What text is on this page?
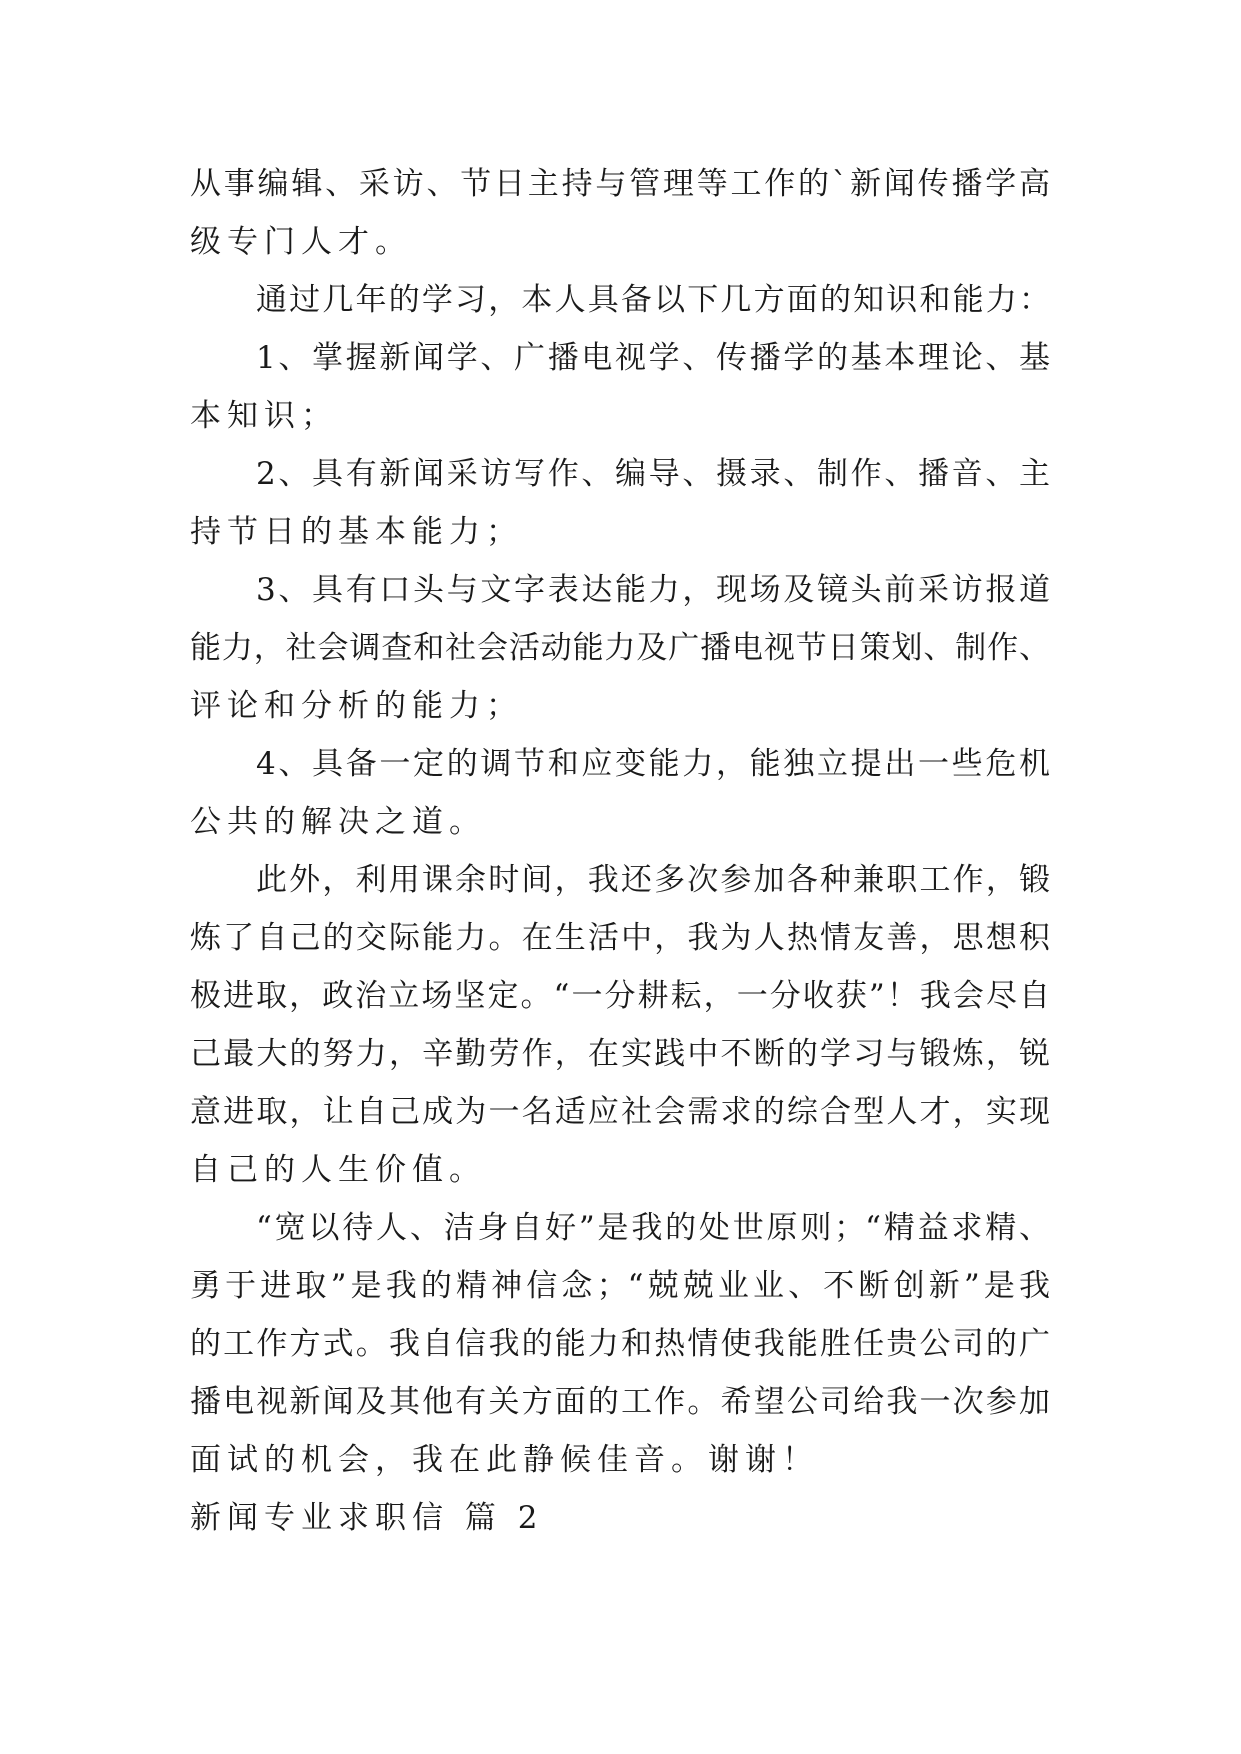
从事编辑、采访、节日主持与管理等工作的`新闻传播学高
级专门人才。
通过几年的学习，本人具备以下几方面的知识和能力：
1、掌握新闻学、广播电视学、传播学的基本理论、基
本知识；
2、具有新闻采访写作、编导、摄录、制作、播音、主
持节日的基本能力；
3、具有口头与文字表达能力，现场及镜头前采访报道
能力，社会调查和社会活动能力及广播电视节日策划、制作、
评论和分析的能力；
4、具备一定的调节和应变能力，能独立提出一些危机
公共的解决之道。
此外，利用课余时间，我还多次参加各种兼职工作，锻
炼了自己的交际能力。在生活中，我为人热情友善，思想积
极进取，政治立场坚定。“一分耕耘，一分收获”！我会尽自
己最大的努力，辛勤劳作，在实践中不断的学习与锻炼，锐
意进取，让自己成为一名适应社会需求的综合型人才，实现
自己的人生价值。
“宽以待人、洁身自好”是我的处世原则；“精益求精、
勇于进取”是我的精神信念；“兢兢业业、不断创新”是我
的工作方式。我自信我的能力和热情使我能胜任贵公司的广
播电视新闻及其他有关方面的工作。希望公司给我一次参加
面试的机会，我在此静候佳音。谢谢！
新闻专业求职信 篇 2
